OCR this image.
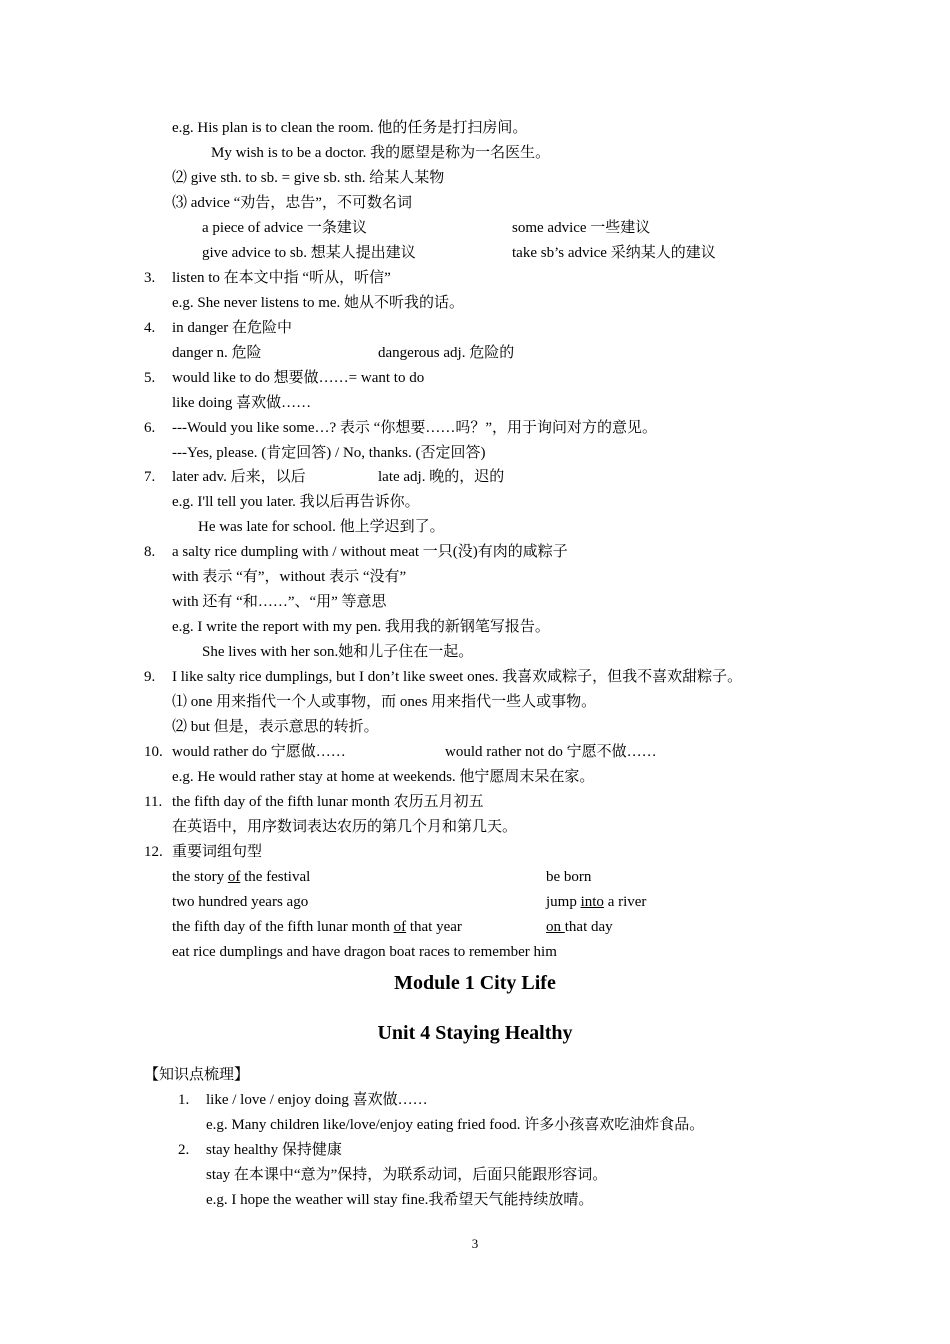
e.g. His plan is to clean the room. 他的任务是打扫房间。
My wish is to be a doctor. 我的愿望是称为一名医生。
⑵ give sth. to sb. = give sb. sth. 给某人某物
⑶ advice “劝告，忠告”，不可数名词
a piece of advice 一条建议	some advice 一些建议
give advice to sb. 想某人提出建议	take sb’s advice 采纳某人的建议
3. listen to 在本文中指 “听从，听信”
e.g. She never listens to me. 她从不听我的话。
4. in danger 在危险中
danger n. 危险	dangerous adj. 危险的
5. would like to do 想要做……= want to do
like doing 喜欢做……
6. ---Would you like some…? 表示 “你想要……吗？”，用于询问对方的意见。
---Yes, please. (肯定回答) / No, thanks. (否定回答)
7. later adv. 后来，以后	late adj. 晚的，迟的
e.g. I'll tell you later. 我以后再告诉你。
He was late for school. 他上学迟到了。
8. a salty rice dumpling with / without meat 一只(没)有肉的咸粽子
with 表示 “有”，without 表示 “没有”
with 还有 “和……”、“用” 等意思
e.g. I write the report with my pen. 我用我的新钢笔写报告。
She lives with her son.她和儿子住在一起。
9. I like salty rice dumplings, but I don’t like sweet ones. 我喜欢咸粽子，但我不喜欢甜粽子。
⑴ one 用来指代一个人或事物，而 ones 用来指代一些人或事物。
⑵ but 但是，表示意思的转折。
10. would rather do 宁愿做……	would rather not do 宁愿不做……
e.g. He would rather stay at home at weekends. 他宁愿周末呆在家。
11. the fifth day of the fifth lunar month 农历五月初五
在英语中，用序数词表达农历的第几个月和第几天。
12. 重要词组句型
the story of the festival	be born
two hundred years ago	jump into a river
the fifth day of the fifth lunar month of that year	on that day
eat rice dumplings and have dragon boat races to remember him
Module 1 City Life
Unit 4 Staying Healthy
【知识点梳理】
1. like / love / enjoy doing 喜欢做……
e.g. Many children like/love/enjoy eating fried food. 许多小孩喜欢吃油炸食品。
2. stay healthy 保持健康
stay 在本课中“意为”保持，为联系动词，后面只能跟形容词。
e.g. I hope the weather will stay fine.我希望天气能持续放晴。
3
